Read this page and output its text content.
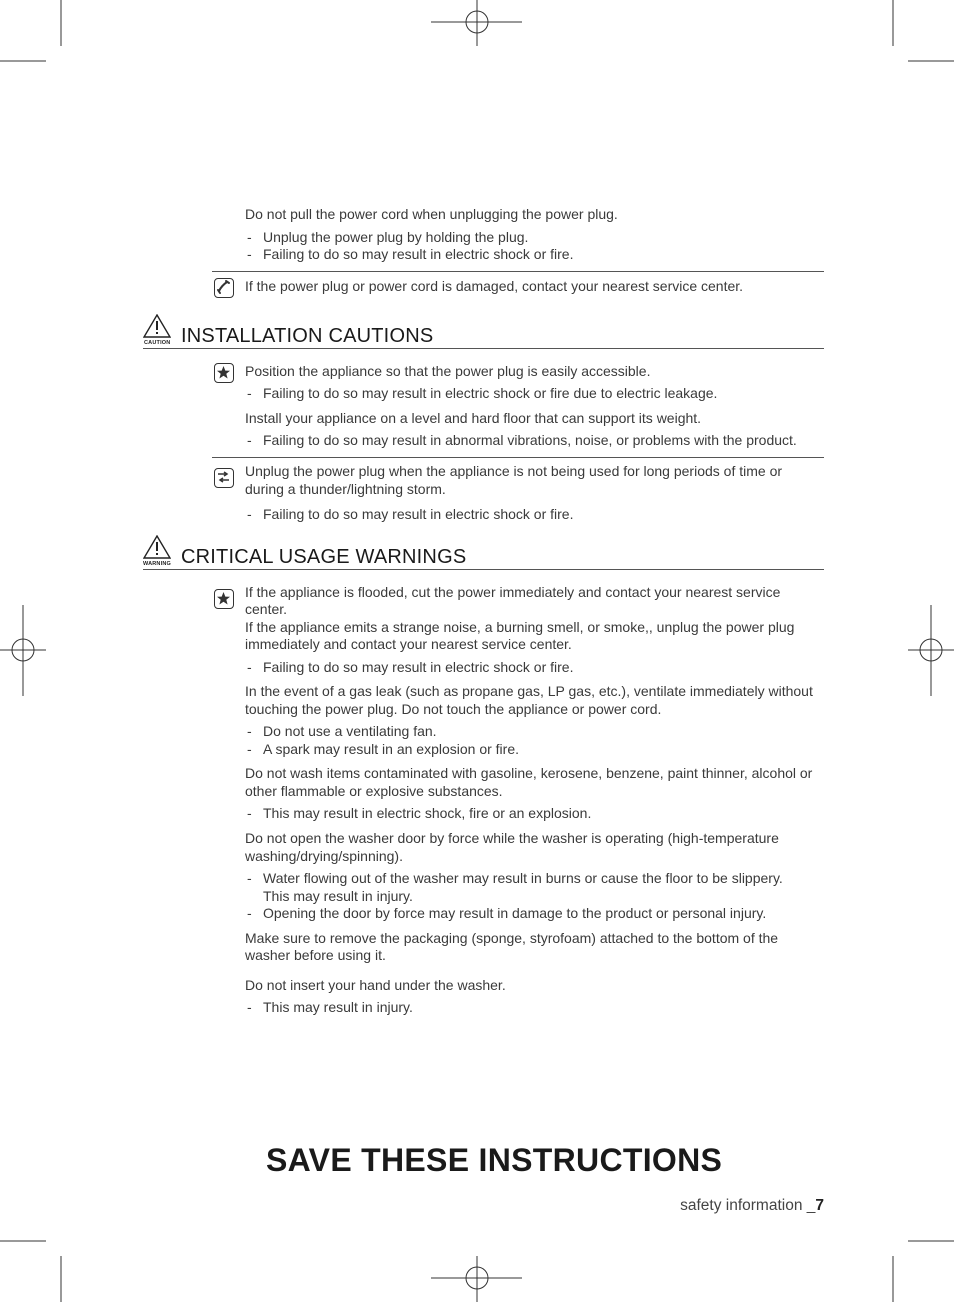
Do not pull the power cord when unplugging the power plug.
- Unplug the power plug by holding the plug.
- Failing to do so may result in electric shock or fire.
If the power plug or power cord is damaged, contact your nearest service center.
CAUTION INSTALLATION CAUTIONS
Position the appliance so that the power plug is easily accessible.
- Failing to do so may result in electric shock or fire due to electric leakage.
Install your appliance on a level and hard floor that can support its weight.
- Failing to do so may result in abnormal vibrations, noise, or problems with the product.
Unplug the power plug when the appliance is not being used for long periods of time or
during a thunder/lightning storm.
- Failing to do so may result in electric shock or fire.
WARNING CRITICAL USAGE WARNINGS
If the appliance is flooded, cut the power immediately and contact your nearest service
center.
If the appliance emits a strange noise, a burning smell, or smoke,, unplug the power plug
immediately and contact your nearest service center.
- Failing to do so may result in electric shock or fire.
In the event of a gas leak (such as propane gas, LP gas, etc.), ventilate immediately without
touching the power plug. Do not touch the appliance or power cord.
- Do not use a ventilating fan.
- A spark may result in an explosion or fire.
Do not wash items contaminated with gasoline, kerosene, benzene, paint thinner, alcohol or
other flammable or explosive substances.
- This may result in electric shock, fire or an explosion.
Do not open the washer door by force while the washer is operating (high-temperature
washing/drying/spinning).
- Water flowing out of the washer may result in burns or cause the floor to be slippery.
This may result in injury.
- Opening the door by force may result in damage to the product or personal injury.
Make sure to remove the packaging (sponge, styrofoam) attached to the bottom of the
washer before using it.
Do not insert your hand under the washer.
- This may result in injury.
SAVE THESE INSTRUCTIONS
safety information _7
